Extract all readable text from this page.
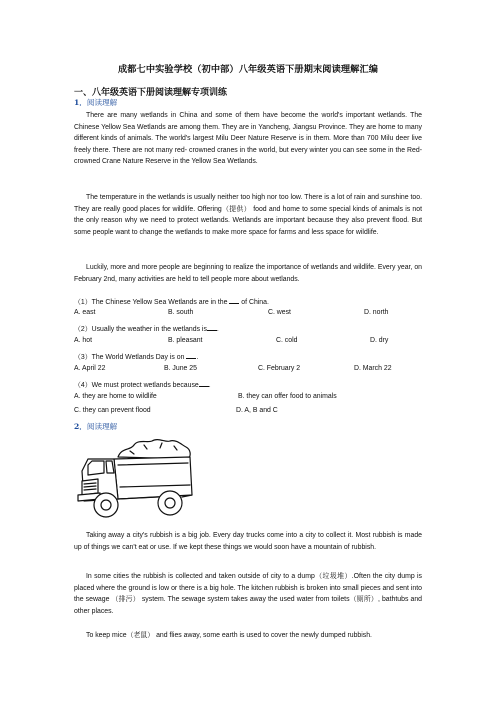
成都七中实验学校（初中部）八年级英语下册期末阅读理解汇编
一、八年级英语下册阅读理解专项训练
1．阅读理解

There are many wetlands in China and some of them have become the world's important wetlands. The Chinese Yellow Sea Wetlands are among them. They are in Yancheng, Jiangsu Province. They are home to many different kinds of animals. The world's largest Milu Deer Nature Reserve is in them. More than 700 Milu deer live freely there. There are not many red- crowned cranes in the world, but every winter you can see some in the Red-crowned Crane Nature Reserve in the Yellow Sea Wetlands.

The temperature in the wetlands is usually neither too high nor too low. There is a lot of rain and sunshine too. They are really good places for wildlife. Offering（提供） food and home to some special kinds of animals is not the only reason why we need to protect wetlands. Wetlands are important because they also prevent flood. But some people want to change the wetlands to make more space for farms and less space for wildlife.

Luckily, more and more people are beginning to realize the importance of wetlands and wildlife. Every year, on February 2nd, many activities are held to tell people more about wetlands.

（1）The Chinese Yellow Sea Wetlands are in the  of China.
A. east	B. south	C. west	D. north
（2）Usually the weather in the wetlands is .
A. hot	B. pleasant	C. cold	D. dry
（3）The World Wetlands Day is on .
A. April 22	B. June 25	C. February 2	D. March 22
（4）We must protect wetlands because .
A. they are home to wildlife	B. they can offer food to animals
C. they can prevent flood	D. A, B and C
2．阅读理解

Taking away a city's rubbish is a big job. Every day trucks come into a city to collect it. Most rubbish is made up of things we can't eat or use. If we kept these things we would soon have a mountain of rubbish.

In some cities the rubbish is collected and taken outside of city to a dump（垃圾堆）.Often the city dump is placed where the ground is low or there is a big hole. The kitchen rubbish is broken into small pieces and sent into the sewage （排污） system. The sewage system takes away the used water from toilets（厕所）, bathtubs and other places.

To keep mice（老鼠） and flies away, some earth is used to cover the newly dumped rubbish.
